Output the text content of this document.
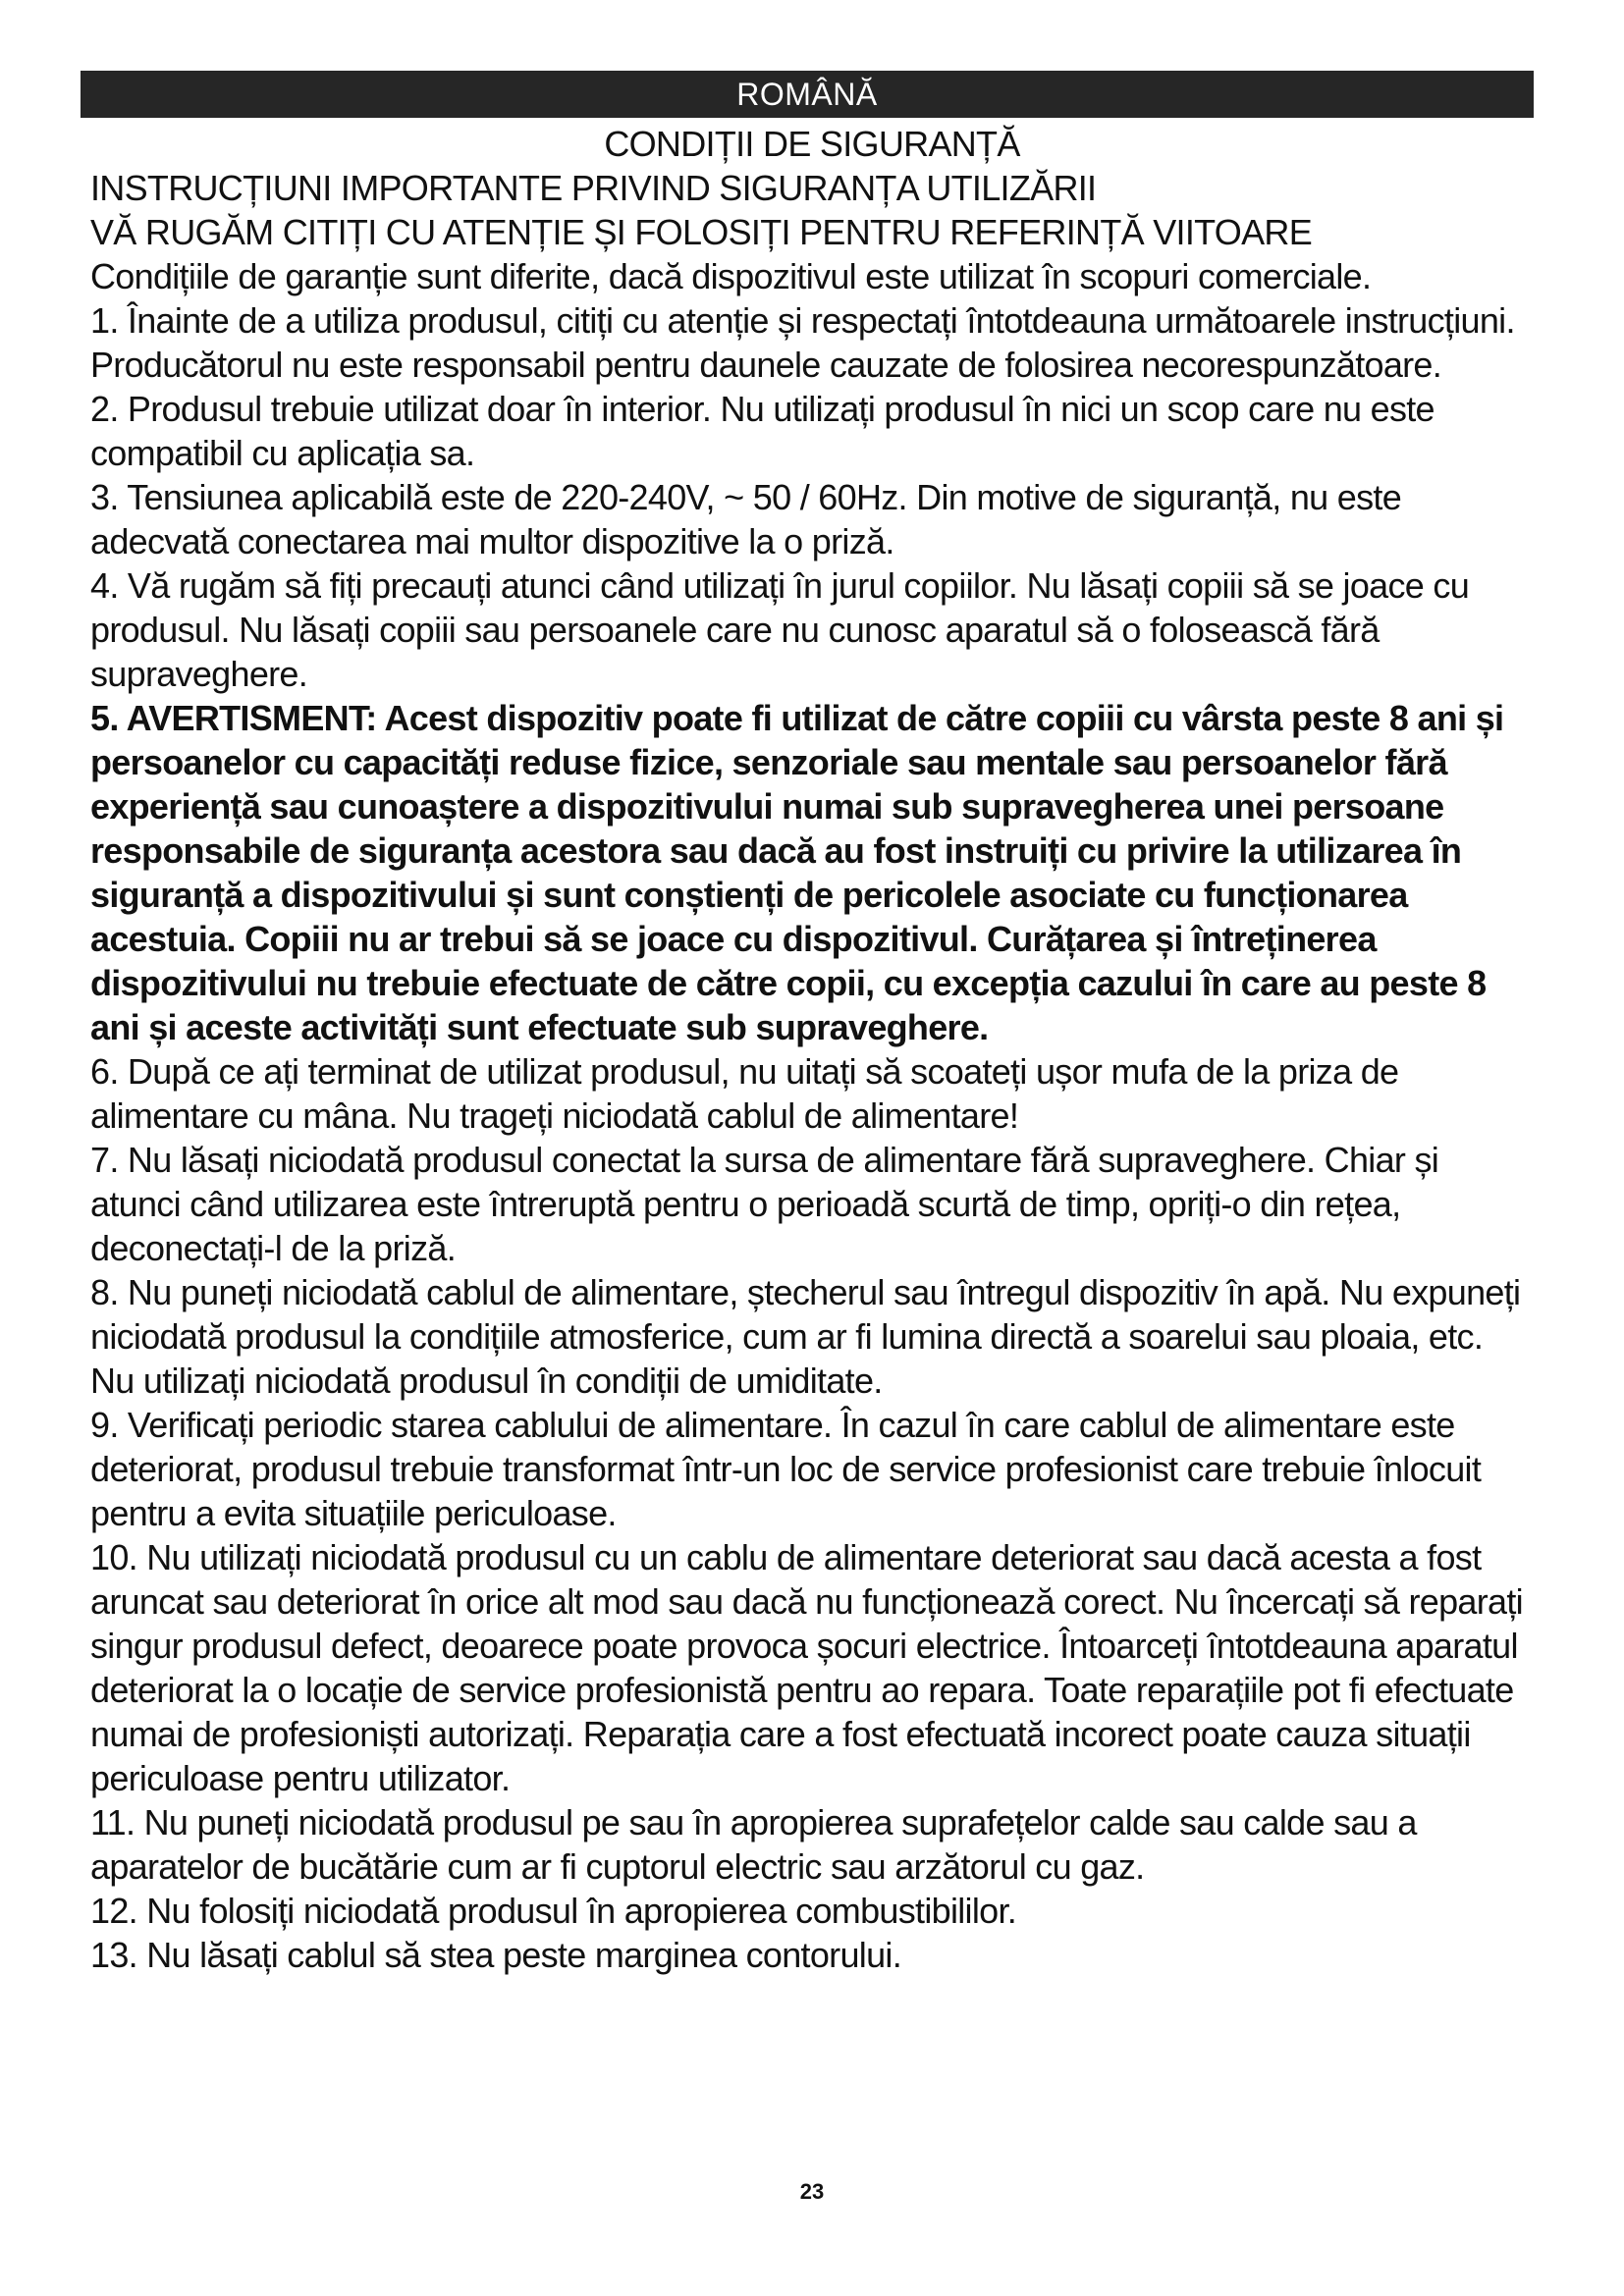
ROMÂNĂ

CONDIȚII DE SIGURANȚĂ

INSTRUCȚIUNI IMPORTANTE PRIVIND SIGURANȚA UTILIZĂRII

VĂ RUGĂM CITIȚI CU ATENȚIE ȘI FOLOSIȚI PENTRU REFERINȚĂ VIITOARE

Condițiile de garanție sunt diferite, dacă dispozitivul este utilizat în scopuri comerciale.

1. Înainte de a utiliza produsul, citiți cu atenție și respectați întotdeauna următoarele instrucțiuni. Producătorul nu este responsabil pentru daunele cauzate de folosirea necorespunzătoare.

2. Produsul trebuie utilizat doar în interior. Nu utilizați produsul în nici un scop care nu este compatibil cu aplicația sa.

3. Tensiunea aplicabilă este de 220-240V, ~ 50 / 60Hz. Din motive de siguranță, nu este adecvată conectarea mai multor dispozitive la o priză.

4. Vă rugăm să fiți precauți atunci când utilizați în jurul copiilor. Nu lăsați copiii să se joace cu produsul. Nu lăsați copiii sau persoanele care nu cunosc aparatul să o folosească fără supraveghere.

5. AVERTISMENT: Acest dispozitiv poate fi utilizat de către copiii cu vârsta peste 8 ani și persoanelor cu capacități reduse fizice, senzoriale sau mentale sau persoanelor fără experiență sau cunoaștere a dispozitivului numai sub supravegherea unei persoane responsabile de siguranța acestora sau dacă au fost instruiți cu privire la utilizarea în siguranță a dispozitivului și sunt conștienți de pericolele asociate cu funcționarea acestuia. Copiii nu ar trebui să se joace cu dispozitivul. Curățarea și întreținerea dispozitivului nu trebuie efectuate de către copii, cu excepția cazului în care au peste 8 ani și aceste activități sunt efectuate sub supraveghere.

6. După ce ați terminat de utilizat produsul, nu uitați să scoateți ușor mufa de la priza de alimentare cu mâna. Nu trageți niciodată cablul de alimentare!

7. Nu lăsați niciodată produsul conectat la sursa de alimentare fără supraveghere. Chiar și atunci când utilizarea este întreruptă pentru o perioadă scurtă de timp, opriți-o din rețea, deconectați-l de la priză.

8. Nu puneți niciodată cablul de alimentare, ștecherul sau întregul dispozitiv în apă. Nu expuneți niciodată produsul la condițiile atmosferice, cum ar fi lumina directă a soarelui sau ploaia, etc. Nu utilizați niciodată produsul în condiții de umiditate.

9. Verificați periodic starea cablului de alimentare. În cazul în care cablul de alimentare este deteriorat, produsul trebuie transformat într-un loc de service profesionist care trebuie înlocuit pentru a evita situațiile periculoase.

10. Nu utilizați niciodată produsul cu un cablu de alimentare deteriorat sau dacă acesta a fost aruncat sau deteriorat în orice alt mod sau dacă nu funcționează corect. Nu încercați să reparați singur produsul defect, deoarece poate provoca șocuri electrice. Întoarceți întotdeauna aparatul deteriorat la o locație de service profesionistă pentru ao repara. Toate reparațiile pot fi efectuate numai de profesioniști autorizați. Reparația care a fost efectuată incorect poate cauza situații periculoase pentru utilizator.

11. Nu puneți niciodată produsul pe sau în apropierea suprafețelor calde sau calde sau a aparatelor de bucătărie cum ar fi cuptorul electric sau arzătorul cu gaz.

12. Nu folosiți niciodată produsul în apropierea combustibililor.

13. Nu lăsați cablul să stea peste marginea contorului.

23
